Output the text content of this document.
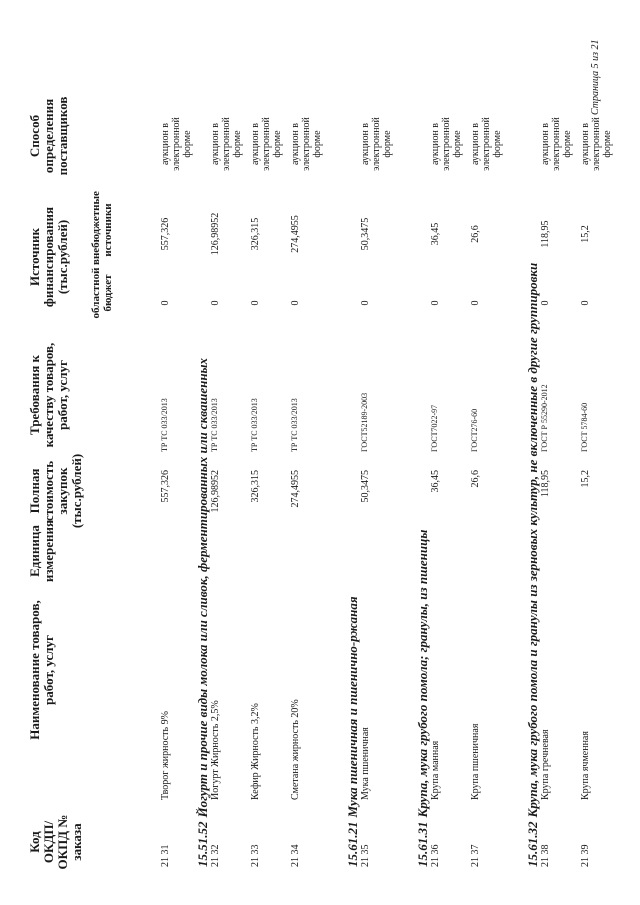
Код ОКДП/ ОКПД № заказа
Наименование товаров, работ, услуг
Единица измерения
Полная стоимость закупок (тыс.рублей)
Требования к качеству товаров, работ, услуг
Источник финансирования (тыс.рублей) областной бюджет
внебюджетные источники
Способ определения поставщиков
21 31
Творог жирность 9%
557,326
ТР ТС 033/2013
0
557,326
аукцион в электронной форме
15.51.52Йогурт и прочие виды молока или сливок, ферментированных или сквашенных
21 32
Йогурт Жирность 2,5%
126,98952
ТР ТС 033/2013
0
126,98952
аукцион в электронной форме
21 33
Кефир Жирность 3,2%
326,315
ТР ТС 033/2013
0
326,315
аукцион в электронной форме
21 34
Сметана жирность 20%
274,4955
ТР ТС 033/2013
0
274,4955
аукцион в электронной форме
15.61.21Мука пшеничная и пшенично-ржаная
21 35
Мука пшеничная
50,3475
ГОСТ52189-2003
0
50,3475
аукцион в электронной форме
15.61.31Крупа, мука грубого помола; гранулы, из пшеницы
21 36
Крупа манная
36,45
ГОСТ7022-97
0
36,45
аукцион в электронной форме
21 37
Крупа пшеничная
26,6
ГОСТ276-60
0
26,6
аукцион в электронной форме
15.61.32Крупа, мука грубого помола и гранулы из зерновых культур, не включенные в другие группировки
21 38
Крупа гречневая
118,95
ГОСТ Р 55290-2012
0
118,95
аукцион в электронной форме
21 39
Крупа ячменная
15,2
ГОСТ 5784-60
0
15,2
аукцион в электронной форме
Страница 5 из 21
